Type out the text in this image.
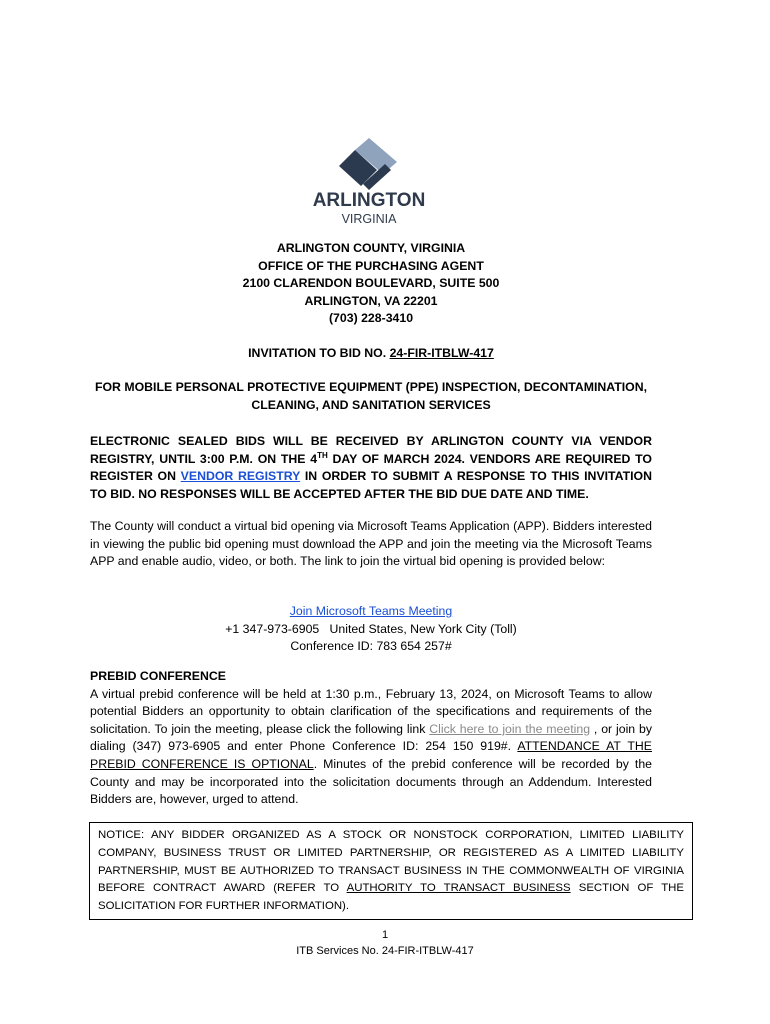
ARLINGTON
VIRGINIA
ARLINGTON COUNTY, VIRGINIA
OFFICE OF THE PURCHASING AGENT
2100 CLARENDON BOULEVARD, SUITE 500
ARLINGTON, VA 22201
(703) 228-3410
INVITATION TO BID NO. 24-FIR-ITBLW-417
FOR MOBILE PERSONAL PROTECTIVE EQUIPMENT (PPE) INSPECTION, DECONTAMINATION,
CLEANING, AND SANITATION SERVICES
ELECTRONIC SEALED BIDS WILL BE RECEIVED BY ARLINGTON COUNTY VIA VENDOR REGISTRY, UNTIL 3:00 P.M. ON THE 4TH DAY OF MARCH 2024. VENDORS ARE REQUIRED TO REGISTER ON VENDOR REGISTRY IN ORDER TO SUBMIT A RESPONSE TO THIS INVITATION TO BID. NO RESPONSES WILL BE ACCEPTED AFTER THE BID DUE DATE AND TIME.
The County will conduct a virtual bid opening via Microsoft Teams Application (APP). Bidders interested in viewing the public bid opening must download the APP and join the meeting via the Microsoft Teams APP and enable audio, video, or both. The link to join the virtual bid opening is provided below:
Join Microsoft Teams Meeting
+1 347-973-6905   United States, New York City (Toll)
Conference ID: 783 654 257#
PREBID CONFERENCE
A virtual prebid conference will be held at 1:30 p.m., February 13, 2024, on Microsoft Teams to allow potential Bidders an opportunity to obtain clarification of the specifications and requirements of the solicitation. To join the meeting, please click the following link Click here to join the meeting , or join by dialing (347) 973-6905 and enter Phone Conference ID: 254 150 919#. ATTENDANCE AT THE PREBID CONFERENCE IS OPTIONAL. Minutes of the prebid conference will be recorded by the County and may be incorporated into the solicitation documents through an Addendum. Interested Bidders are, however, urged to attend.
NOTICE: ANY BIDDER ORGANIZED AS A STOCK OR NONSTOCK CORPORATION, LIMITED LIABILITY COMPANY, BUSINESS TRUST OR LIMITED PARTNERSHIP, OR REGISTERED AS A LIMITED LIABILITY PARTNERSHIP, MUST BE AUTHORIZED TO TRANSACT BUSINESS IN THE COMMONWEALTH OF VIRGINIA BEFORE CONTRACT AWARD (REFER TO AUTHORITY TO TRANSACT BUSINESS SECTION OF THE SOLICITATION FOR FURTHER INFORMATION).
1
ITB Services No. 24-FIR-ITBLW-417
